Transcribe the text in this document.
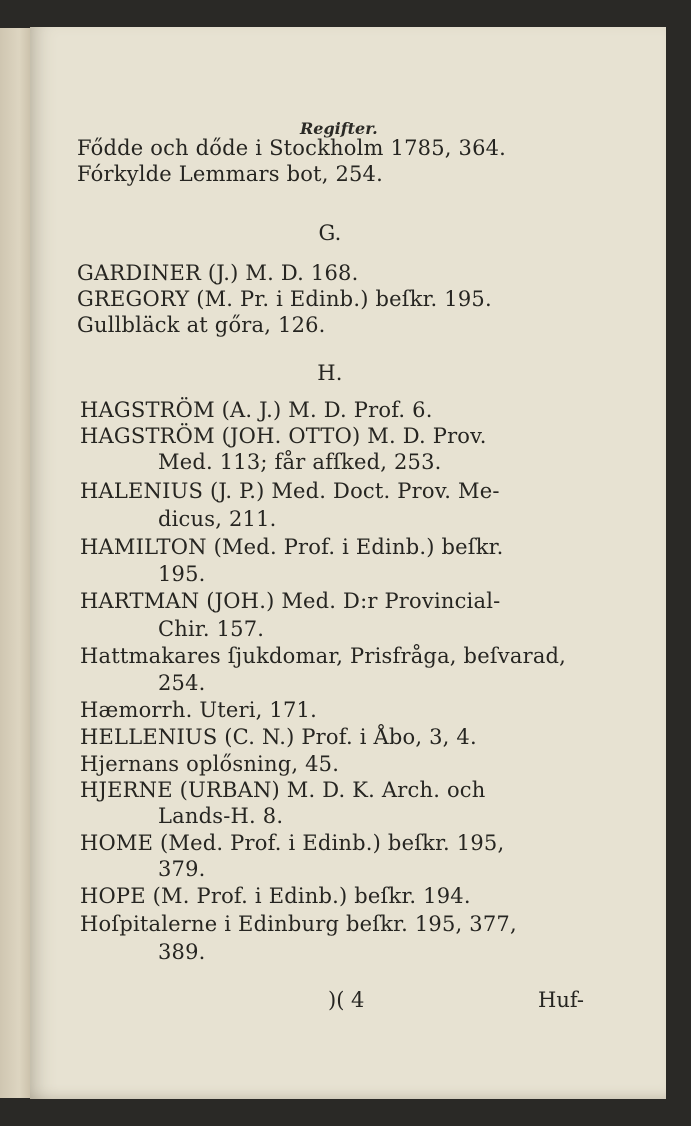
Regifter.
Fődde och dőde i Stockholm 1785, 364.
Fórkylde Lemmars bot, 254.
G.
GARDINER (J.) M. D. 168.
GREGORY (M. Pr. i Edinb.) beſkr. 195.
Gullbläck at gőra, 126.
H.
HAGSTRÖM (A. J.) M. D. Prof. 6.
HAGSTRÖM (JOH. OTTO) M. D. Prov.
Med. 113; får afſked, 253.
HALENIUS (J. P.) Med. Doct. Prov. Me-
dicus, 211.
HAMILTON (Med. Prof. i Edinb.) beſkr.
195.
HARTMAN (JOH.) Med. D:r Provincial-
Chir. 157.
Hattmakares ſjukdomar, Prisfråga, beſvarad,
254.
Hæmorrh. Uteri, 171.
HELLENIUS (C. N.) Prof. i Åbo, 3, 4.
Hjernans oplősning, 45.
HJERNE (URBAN) M. D. K. Arch. och
Lands-H. 8.
HOME (Med. Prof. i Edinb.) beſkr. 195,
379.
HOPE (M. Prof. i Edinb.) beſkr. 194.
Hoſpitalerne i Edinburg beſkr. 195, 377,
389.
)( 4	Huf-
